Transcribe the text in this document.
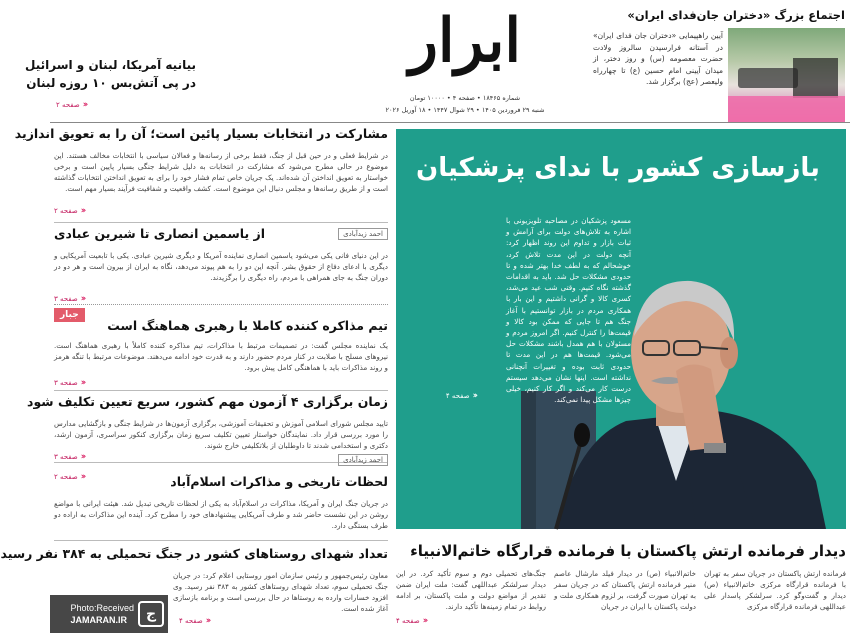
ابرار
شماره ۱۸۴۶۵ • صفحه ۴ • ۱۰۰۰۰ تومان
شنبه ۲۹ فروردین ۱۴۰۵ • ۲۹ شوال ۱۴۴۷ • ۱۸ آوریل ۲۰۲۶
اجتماع بزرگ «دختران جان‌فدای ایران»
آیین راهپیمایی «دختران جان فدای ایران» در آستانه فرارسیدن سالروز ولادت حضرت معصومه (س) و روز دختر، از میدان آیینی امام حسین (ع) تا چهارراه ولیعصر (عج) برگزار شد.
بیانیه آمریکا، لبنان و اسرائیل
در پی آتش‌بس ۱۰ روزه لبنان
‹‹
صفحه ۲
بازسازی کشور با ندای پزشکیان
مسعود پزشکیان در مصاحبه تلویزیونی با اشاره به تلاش‌های دولت برای آرامش و ثبات بازار و تداوم این روند اظهار کرد: آنچه دولت در این مدت تلاش کرد، خوشحالم که به لطف خدا بهتر شده و تا حدودی مشکلات حل شد. باید به اقدامات گذشته نگاه کنیم. وقتی شب عید می‌شد، کسری کالا و گرانی داشتیم و این بار با همکاری مردم در بازار توانستیم با آغاز جنگ هم تا جایی که ممکن بود کالا و قیمت‌ها را کنترل کنیم. اگر امروز مردم و مسئولان با هم همدل باشند مشکلات حل می‌شود. قیمت‌ها هم در این مدت تا حدودی ثابت بوده و تغییرات آنچنانی نداشته است. اینها نشان می‌دهد سیستم درست کار می‌کند و اگر کار کنیم، خیلی چیزها مشکل پیدا نمی‌کند.
‹‹
صفحه ۴
دیدار فرمانده ارتش پاکستان با فرمانده قرارگاه خاتم‌الانبیاء
فرمانده ارتش پاکستان در جریان سفر به تهران با فرمانده قرارگاه مرکزی خاتم‌الانبیاء (ص) دیدار و گفت‌وگو کرد. سرلشکر پاسدار علی عبداللهی فرمانده قرارگاه مرکزی
خاتم‌الانبیاء (ص) در دیدار فیلد مارشال عاصم منیر فرمانده ارتش پاکستان که در جریان سفر به تهران صورت گرفت، بر لزوم همکاری ملت و دولت پاکستان با ایران در جریان
جنگ‌های تحمیلی دوم و سوم تأکید کرد. در این دیدار سرلشکر عبداللهی گفت: ملت ایران ضمن تقدیر از مواضع دولت و ملت پاکستان، بر ادامه روابط در تمام زمینه‌ها تأکید دارند.
‹‹
صفحه ۴
مشارکت در انتخابات بسیار پائین است؛ آن را به تعویق اندازید
در شرایط فعلی و در حین قبل از جنگ، فقط برخی از رسانه‌ها و فعالان سیاسی با انتخابات مخالف هستند. این موضوع در حالی مطرح می‌شود که مشارکت در انتخابات به دلیل شرایط جنگی بسیار پایین است و برخی خواستار به تعویق انداختن آن شده‌اند. یک جریان خاص تمام فشار خود را برای به تعویق انداختن انتخابات گذاشته است و از طریق رسانه‌ها و مجلس دنبال این موضوع است. کشف واقعیت و شفافیت فرآیند بسیار مهم است.
‹‹
صفحه ۲
احمد زیدآبادی
از یاسمین انصاری تا شیرین عبادی
در این دنیای فانی یکی می‌شود یاسمین انصاری نماینده آمریکا و دیگری شیرین عبادی. یکی با تابعیت آمریکایی و دیگری با ادعای دفاع از حقوق بشر. آنچه این دو را به هم پیوند می‌دهد، نگاه به ایران از بیرون است و هر دو در دوران جنگ به جای همراهی با مردم، راه دیگری را برگزیدند.
‹‹
صفحه ۳
جبار
تیم مذاکره کننده کاملا با رهبری هماهنگ است
یک نماینده مجلس گفت: در تصمیمات مرتبط با مذاکرات، تیم مذاکره کننده کاملاً با رهبری هماهنگ است. نیروهای مسلح با صلابت در کنار مردم حضور دارند و به قدرت خود ادامه می‌دهند. موضوعات مرتبط با تنگه هرمز و روند مذاکرات باید با هماهنگی کامل پیش برود.
‹‹
صفحه ۳
زمان برگزاری ۴ آزمون مهم کشور، سریع تعیین تکلیف شود
تایید مجلس شورای اسلامی آموزش و تحقیقات آموزشی، برگزاری آزمون‌ها در شرایط جنگی و بازگشایی مدارس را مورد بررسی قرار داد. نمایندگان خواستار تعیین تکلیف سریع زمان برگزاری کنکور سراسری، آزمون ارشد، دکتری و استخدامی شدند تا داوطلبان از بلاتکلیفی خارج شوند.
‹‹
صفحه ۳	احمد زیدآبادی
لحظات تاریخی و مذاکرات اسلام‌آباد
در جریان جنگ ایران و آمریکا، مذاکرات در اسلام‌آباد به یکی از لحظات تاریخی تبدیل شد. هیئت ایرانی با مواضع روشن در این نشست حاضر شد و طرف آمریکایی پیشنهادهای خود را مطرح کرد. آینده این مذاکرات به اراده دو طرف بستگی دارد.
‹‹
صفحه ۲
تعداد شهدای روستاهای کشور در جنگ تحمیلی به ۳۸۴ نفر رسید
معاون رئیس‌جمهور و رئیس سازمان امور روستایی اعلام کرد: در جریان جنگ تحمیلی سوم، تعداد شهدای روستاهای کشور به ۳۸۴ نفر رسید. وی افزود خسارات وارده به روستاها در حال بررسی است و برنامه بازسازی آغاز شده است.
‹‹
صفحه ۴
ج
Photo:Received
JAMARAN.IR
